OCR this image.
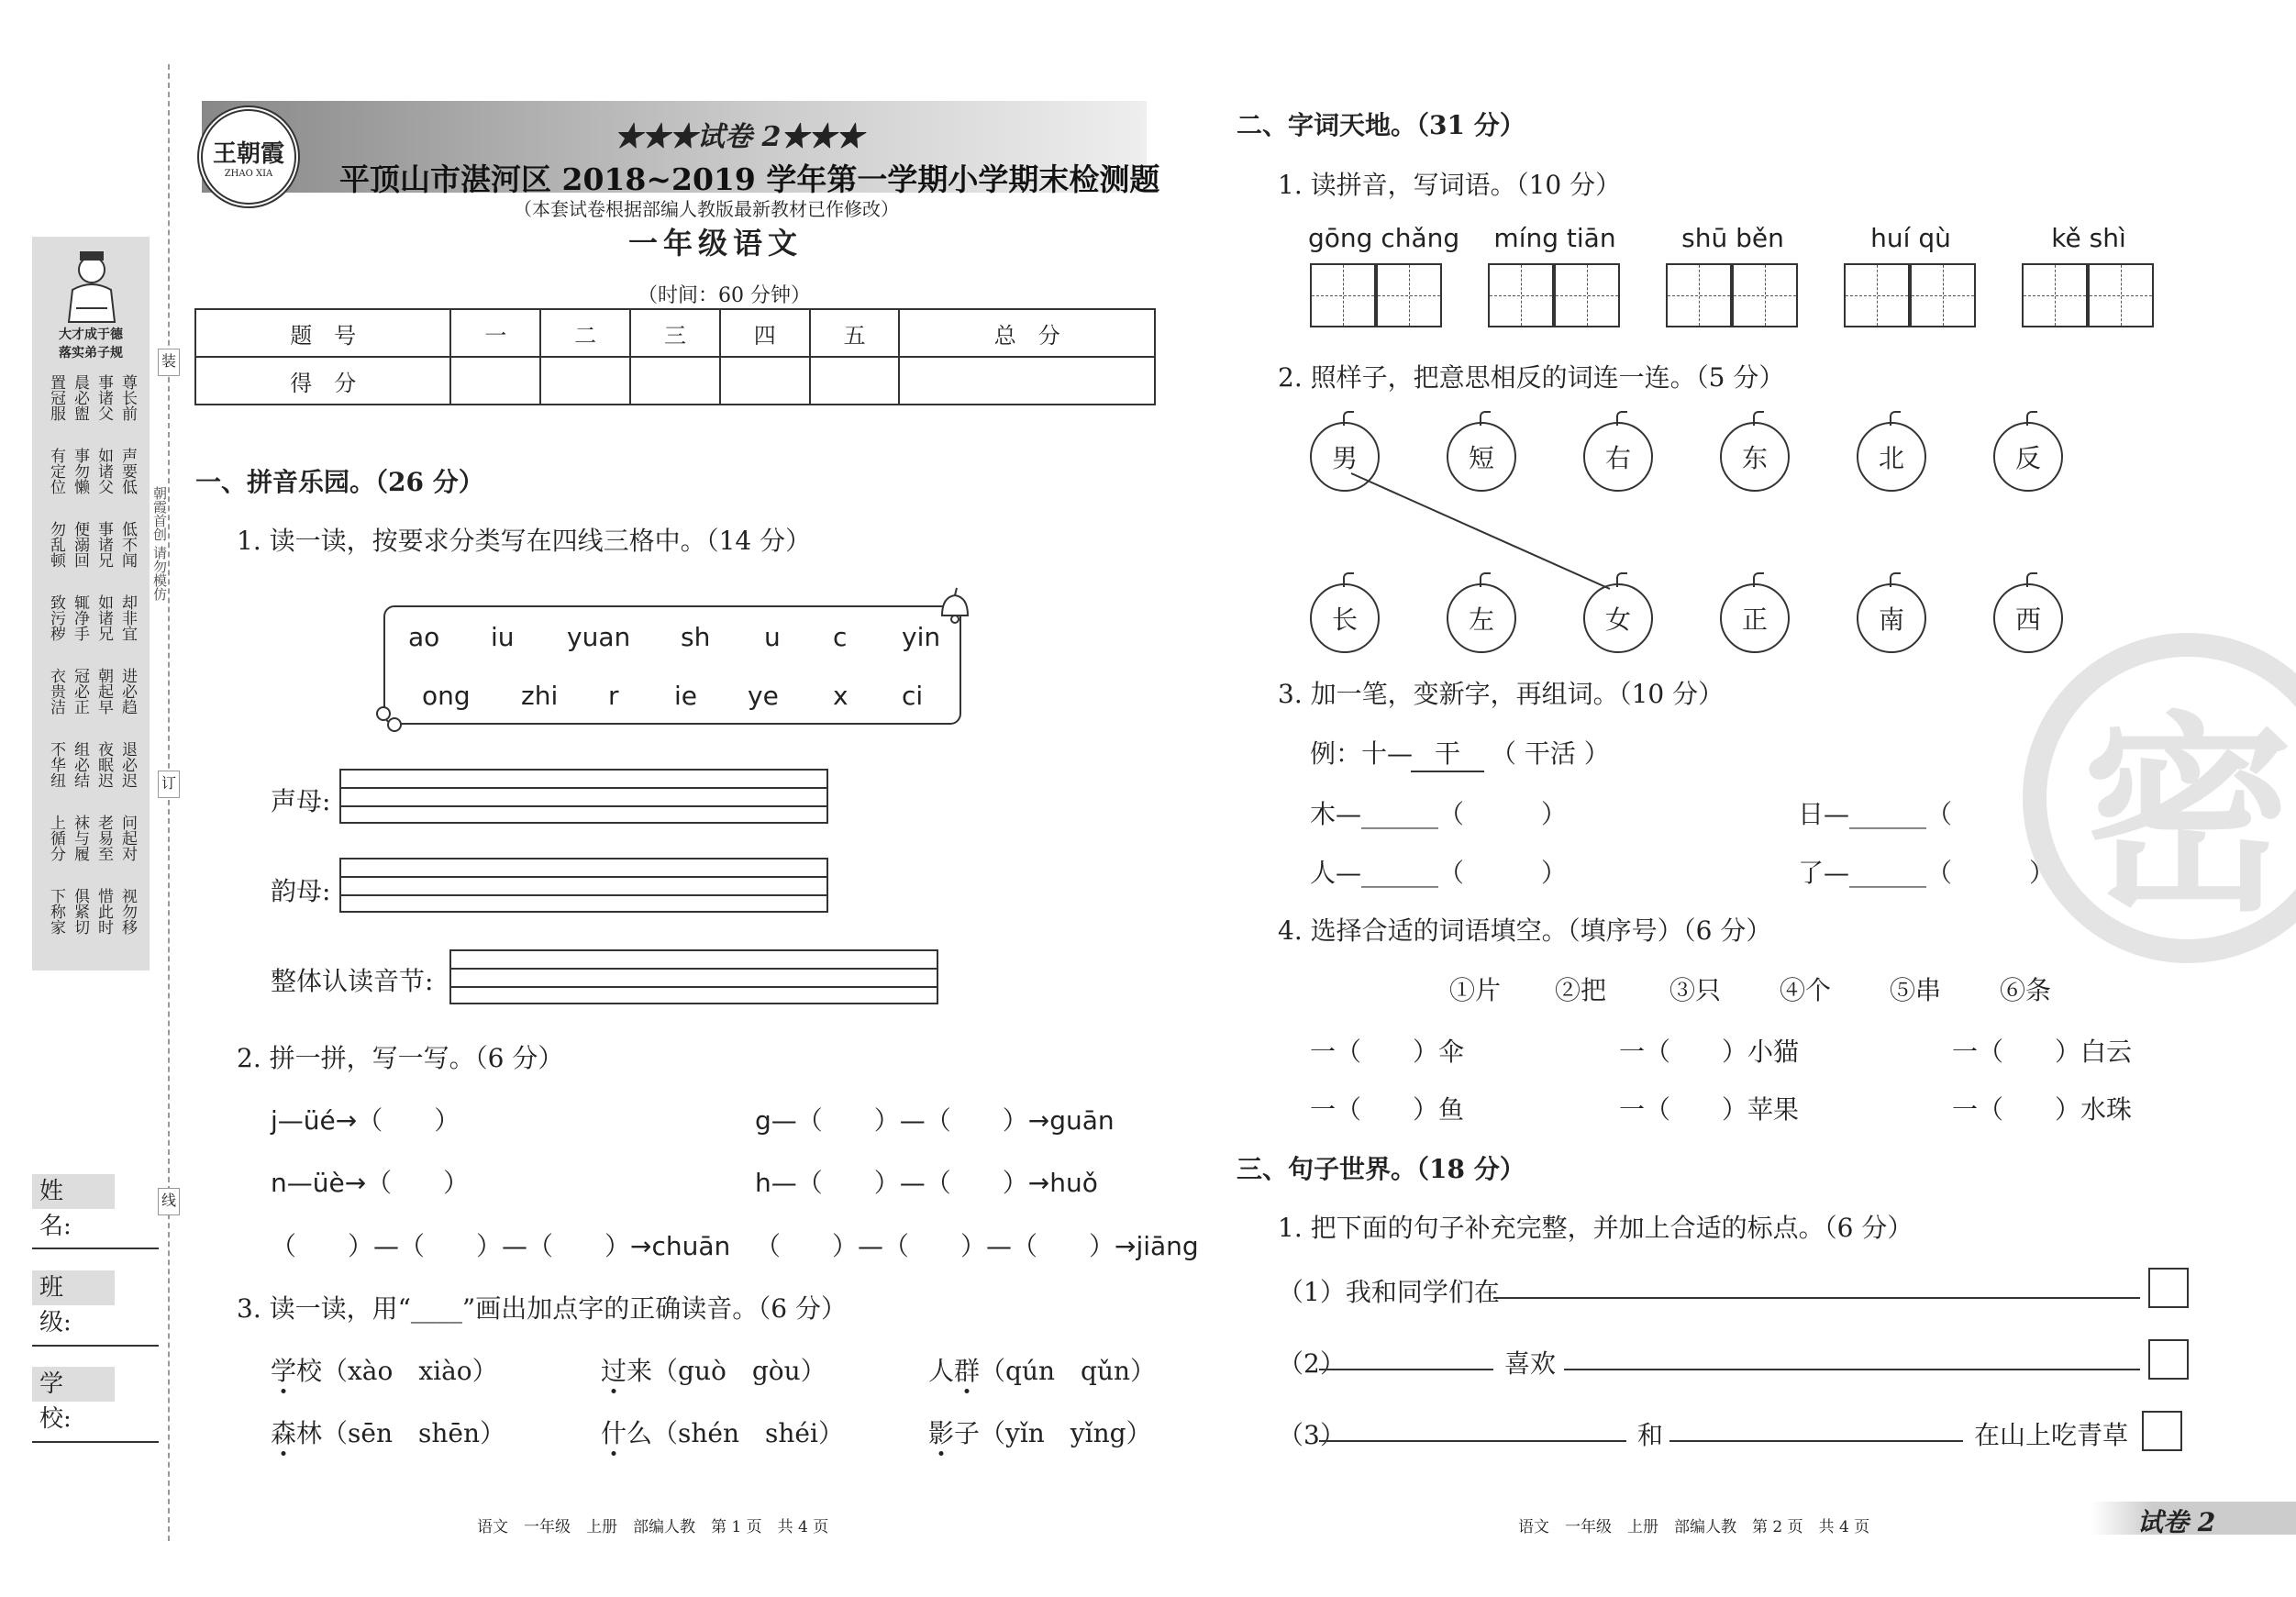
装
订
线
朝霞首创 请勿模仿
大才成于德
落实弟子规
置冠服 晨必盥 事诸父 尊长前
有定位 事勿懒 如诸父 声要低
勿乱顿 便溺回 事诸兄 低不闻
致污秽 辄净手 如诸兄 却非宜
衣贵洁 冠必正 朝起早 进必趋
不华纽 组必结 夜眠迟 退必迟
上循分 袜与履 老易至 问起对
下称家 俱紧切 惜此时 视勿移
姓　名:
班　级:
学　校:
王朝霞
ZHAO XIA
★★★试卷 2★★★
平顶山市湛河区 2018~2019 学年第一学期小学期末检测题
（本套试卷根据部编人教版最新教材已作修改）
一年级语文
（时间：60 分钟）
题　号	一	二	三	四	五	总　分
得　分						
一、拼音乐园。（26 分）
1. 读一读，按要求分类写在四线三格中。（14 分）
ao iu yuan sh u c yin
ong zhi r ie ye x ci
声母:
韵母:
整体认读音节:
2. 拼一拼，写一写。（6 分）
j—üé→（　　）	g—（　　）—（　　）→guān
n—üè→（　　）	h—（　　）—（　　）→huǒ
（　　）—（　　）—（　　）→chuān （　　）—（　　）—（　　）→jiāng
3. 读一读，用“____”画出加点字的正确读音。（6 分）
学校（xào　xiào）	过来（guò　gòu）	人群（qún　qǔn）
森林（sēn　shēn）	什么（shén　shéi）	影子（yǐn　yǐng）
语文　一年级　上册　部编人教　第 1 页　共 4 页
二、字词天地。（31 分）
1. 读拼音，写词语。（10 分）
gōng chǎng	míng tiān	shū běn	huí qù	kě shì
2. 照样子，把意思相反的词连一连。（5 分）
男	短	右	东	北	反
长	左	女	正	南	西
3. 加一笔，变新字，再组词。（10 分）
例：十— 干	（ 干活 ）
木—______（　　　）	日—______（　　　）
人—______（　　　）	了—______（　　　）
4. 选择合适的词语填空。（填序号）（6 分）
①片 ②把 ③只 ④个 ⑤串 ⑥条
一（　　）伞	一（　　）小猫	一（　　）白云
一（　　）鱼	一（　　）苹果	一（　　）水珠
三、句子世界。（18 分）
1. 把下面的句子补充完整，并加上合适的标点。（6 分）
（1）我和同学们在
（2）	喜欢
（3）	和	在山上吃青草
密
语文　一年级　上册　部编人教　第 2 页　共 4 页	试卷 2
